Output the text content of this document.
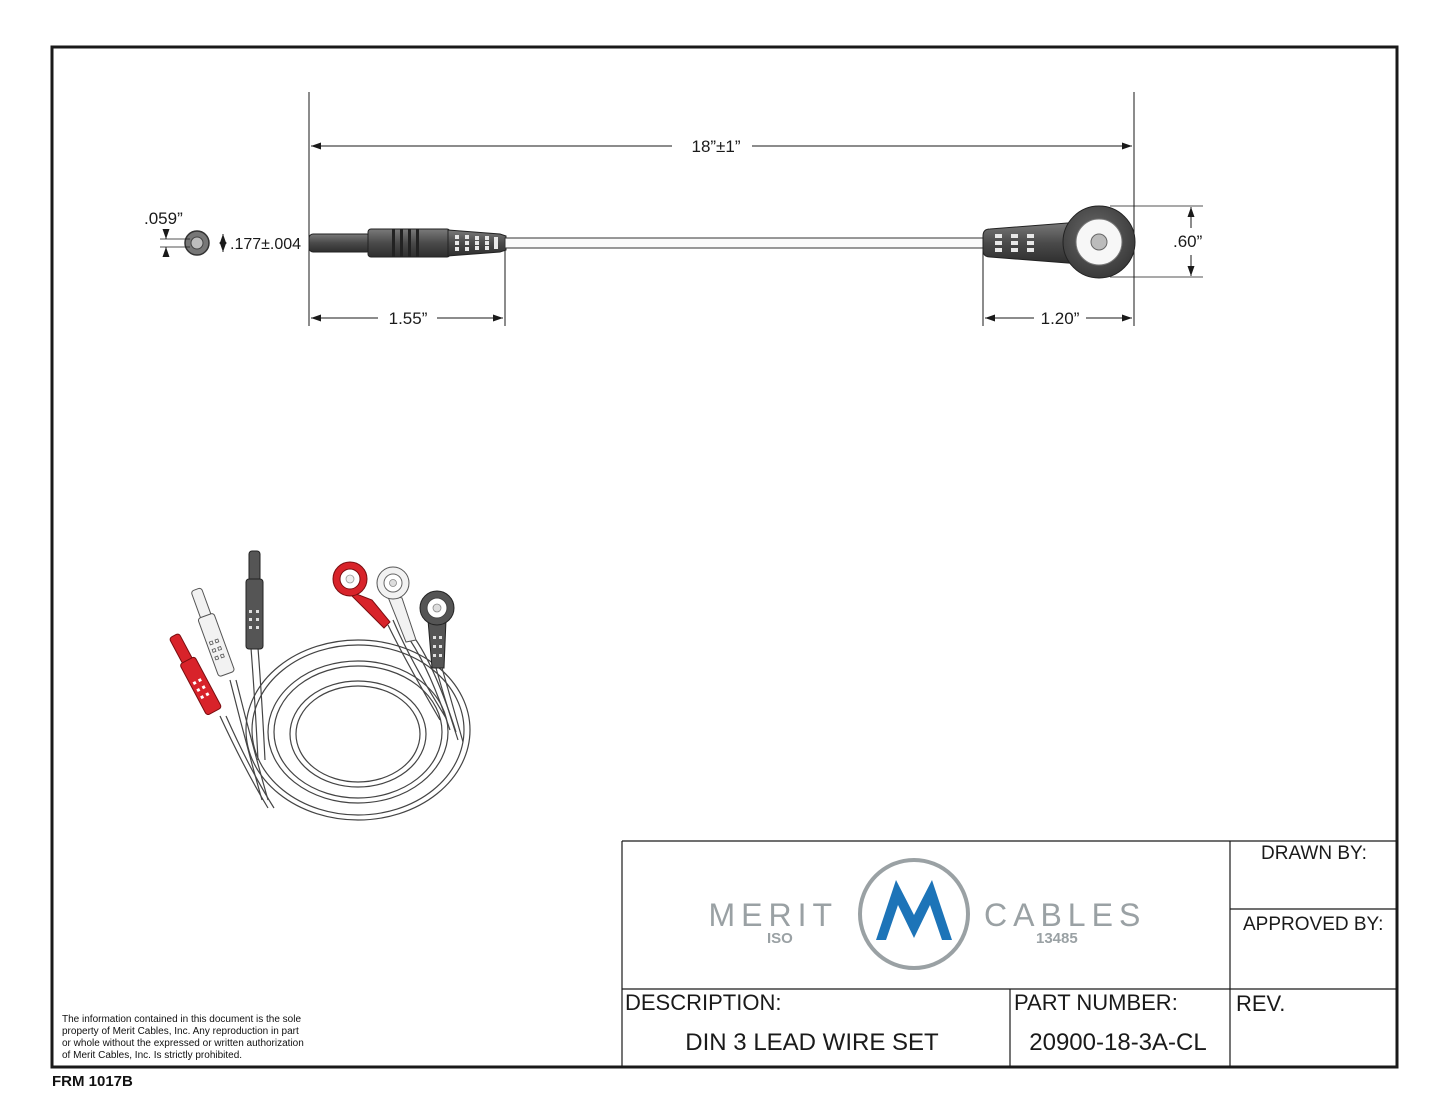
18”±1”
.059”
.177±.004	.60”
1.55”	1.20”
MERIT	CABLES
ISO	13485
DRAWN BY:
APPROVED BY:
DESCRIPTION:
DIN 3 LEAD WIRE SET
PART NUMBER:
20900-18-3A-CL
REV.
The information contained in this document is the sole
property of Merit Cables, Inc. Any reproduction in part
or whole without the expressed or written authorization
of Merit Cables, Inc. Is strictly prohibited.
FRM 1017B
